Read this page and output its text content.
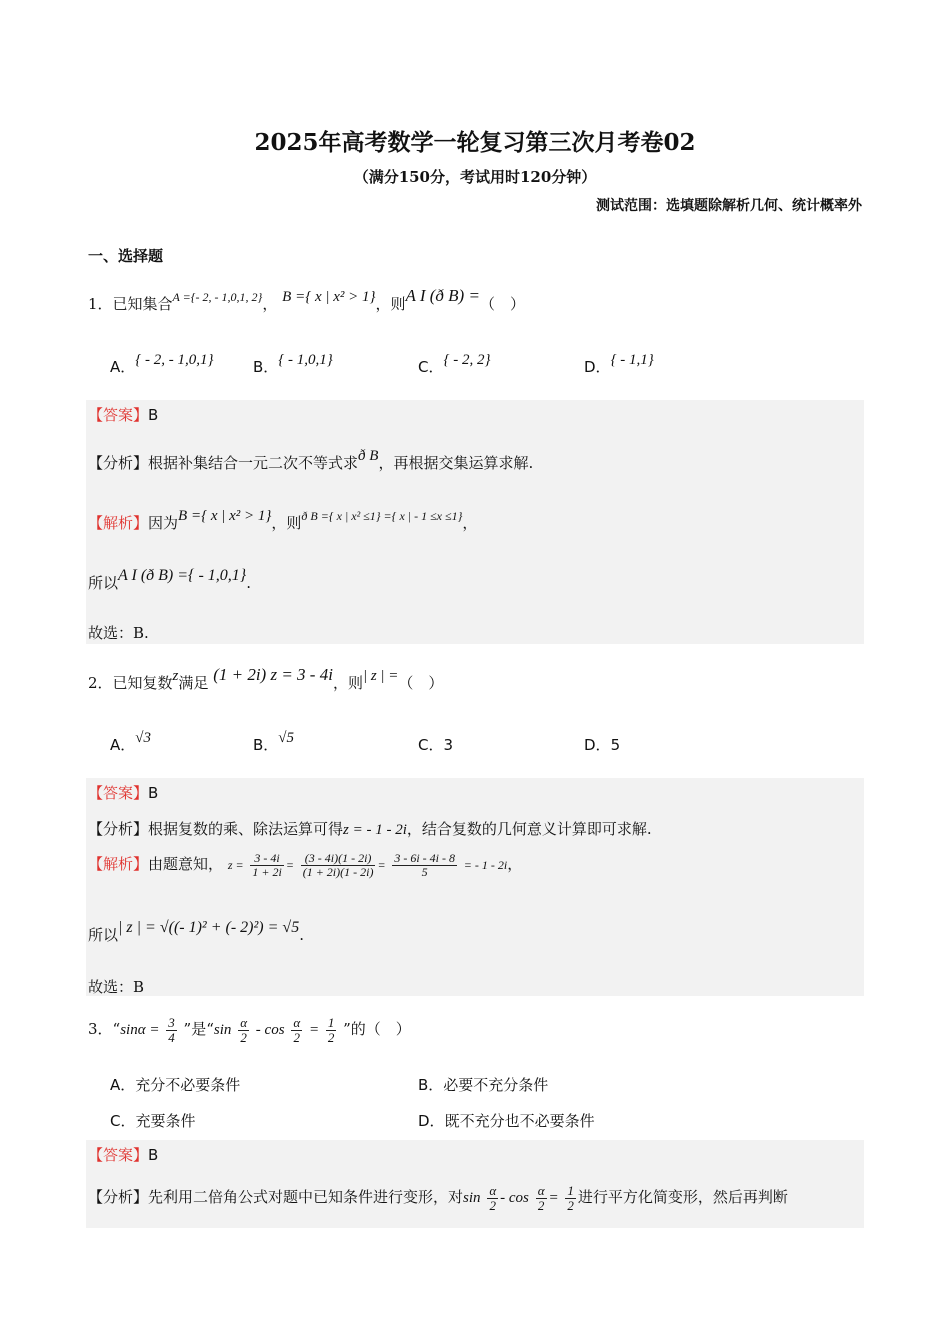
2025年高考数学一轮复习第三次月考卷02
（满分150分，考试用时120分钟）
测试范围：选填题除解析几何、统计概率外
一、选择题
1．已知集合$^{A =\{- 2, - 1,0,1, 2\}}$， B ={ x | x² > 1}，则A I (ð B) =（　）
A．{ - 2, - 1,0,1}	B．{ - 1,0,1}	C．{ - 2, 2}	D．{ - 1,1}
【答案】B
【分析】根据补集结合一元二次不等式求ð B，再根据交集运算求解.
【解析】因为B ={ x | x² > 1}，则$^{ð B =\{ x | x^2 \le 1\} =\{ x | - 1 \le x \le 1\}}$，
所以A I (ð B) ={ - 1,0,1}.
故选：B.
2．已知复数z满足 (1 + 2i) z = 3 - 4i，则| z | =（　）
A．√3	B．√5	C．3	D．5
【答案】B
【分析】根据复数的乘、除法运算可得z = - 1 - 2i，结合复数的几何意义计算即可求解.
【解析】由题意知， $z = \frac{3 - 4i}{1 + 2i} = \frac{(3 - 4i)(1 - 2i)}{(1 + 2i)(1 - 2i)} = \frac{3 - 6i - 4i - 8}{5}$ = - 1 - 2i，
所以| z | = √((- 1)² + (- 2)²) = √5.
故选：B
3．“$\sin\alpha = \frac{3}{4}$ ”是“$\sin \frac{\alpha}{2} - \cos \frac{\alpha}{2} = \frac{1}{2}$ ”的（　）
A．充分不必要条件	B．必要不充分条件
C．充要条件	D．既不充分也不必要条件
【答案】B
【分析】先利用二倍角公式对题中已知条件进行变形，对$\sin \frac{\alpha}{2} - \cos \frac{\alpha}{2} = \frac{1}{2}$ 进行平方化简变形，然后再判断
